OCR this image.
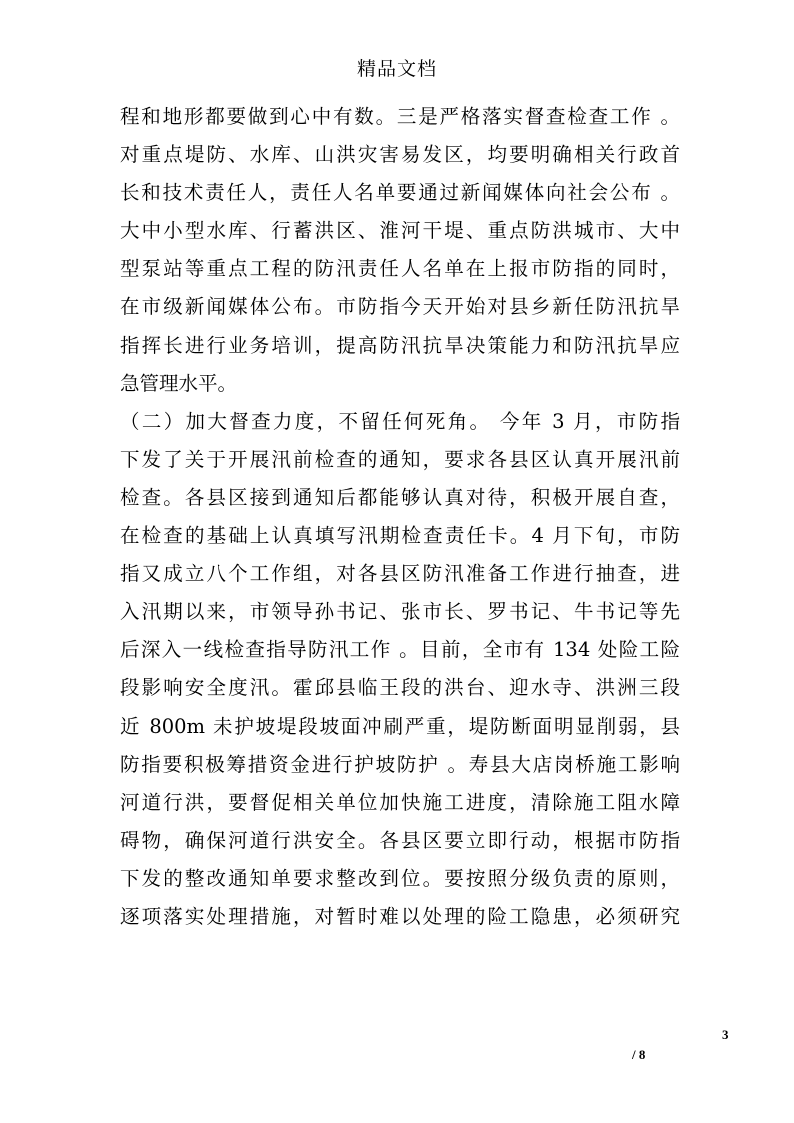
精品文档
程和地形都要做到心中有数。三是严格落实督查检查工作 。
对重点堤防、水库、山洪灾害易发区，均要明确相关行政首
长和技术责任人，责任人名单要通过新闻媒体向社会公布 。
大中小型水库、行蓄洪区、淮河干堤、重点防洪城市、大中
型泵站等重点工程的防汛责任人名单在上报市防指的同时，
在市级新闻媒体公布。市防指今天开始对县乡新任防汛抗旱
指挥长进行业务培训，提高防汛抗旱决策能力和防汛抗旱应
急管理水平。
（二）加大督查力度，不留任何死角。 今年 3 月，市防指
下发了关于开展汛前检查的通知，要求各县区认真开展汛前
检查。各县区接到通知后都能够认真对待，积极开展自查，
在检查的基础上认真填写汛期检查责任卡。4 月下旬，市防
指又成立八个工作组，对各县区防汛准备工作进行抽查，进
入汛期以来，市领导孙书记、张市长、罗书记、牛书记等先
后深入一线检查指导防汛工作 。目前，全市有 134 处险工险
段影响安全度汛。霍邱县临王段的洪台、迎水寺、洪洲三段
近 800m 未护坡堤段坡面冲刷严重，堤防断面明显削弱，县
防指要积极筹措资金进行护坡防护 。寿县大店岗桥施工影响
河道行洪，要督促相关单位加快施工进度，清除施工阻水障
碍物，确保河道行洪安全。各县区要立即行动，根据市防指
下发的整改通知单要求整改到位。要按照分级负责的原则，
逐项落实处理措施，对暂时难以处理的险工隐患，必须研究
3
/ 8
